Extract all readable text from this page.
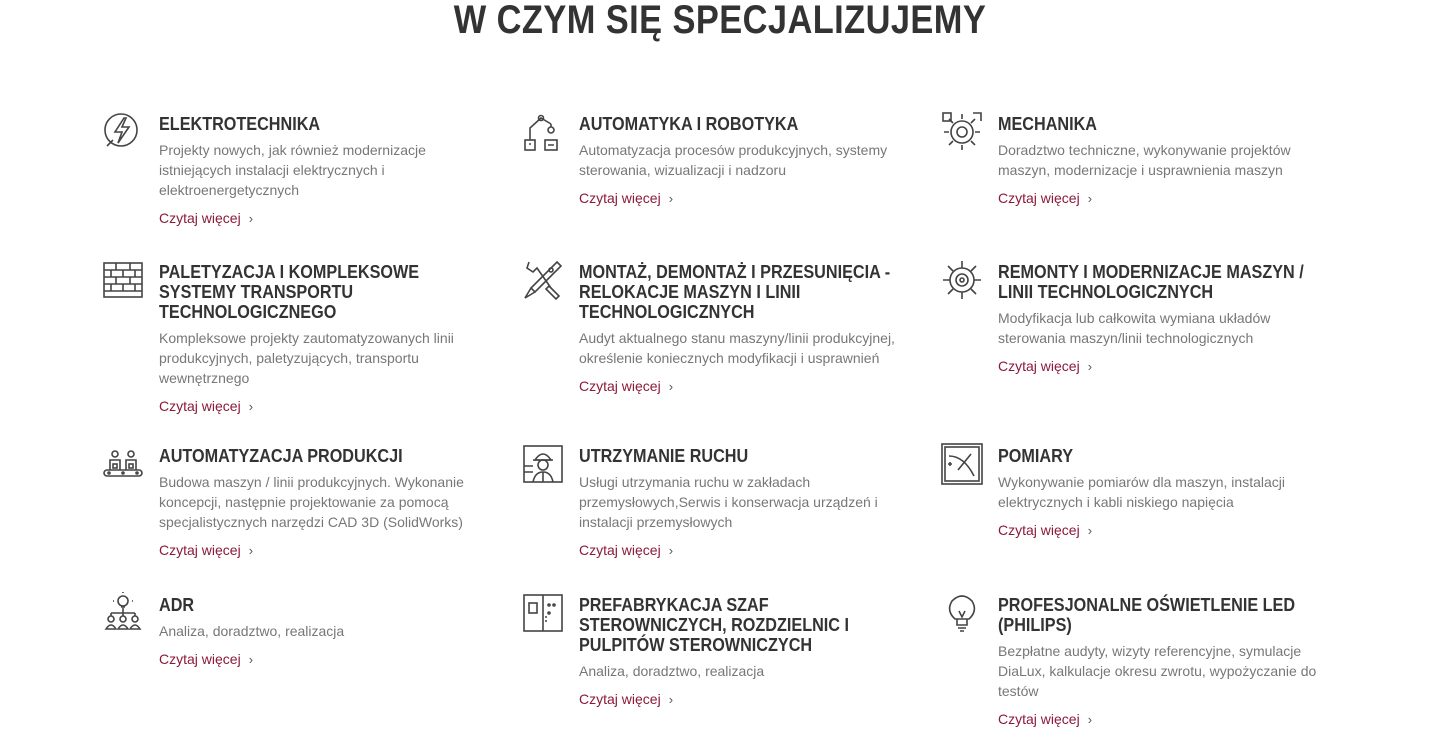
W CZYM SIĘ SPECJALIZUJEMY
ELEKTROTECHNIKA

Projekty nowych, jak również modernizacje istniejących instalacji elektrycznych i elektroenergetycznych

Czytaj więcej ›
AUTOMATYKA I ROBOTYKA

Automatyzacja procesów produkcyjnych, systemy sterowania, wizualizacji i nadzoru

Czytaj więcej ›
MECHANIKA

Doradztwo techniczne, wykonywanie projektów maszyn, modernizacje i usprawnienia maszyn

Czytaj więcej ›
PALETYZACJA I KOMPLEKSOWE SYSTEMY TRANSPORTU TECHNOLOGICZNEGO

Kompleksowe projekty zautomatyzowanych linii produkcyjnych, paletyzujących, transportu wewnętrznego

Czytaj więcej ›
MONTAŻ, DEMONTAŻ I PRZESUNIĘCIA - RELOKACJE MASZYN I LINII TECHNOLOGICZNYCH

Audyt aktualnego stanu maszyny/linii produkcyjnej, określenie koniecznych modyfikacji i usprawnień

Czytaj więcej ›
REMONTY I MODERNIZACJE MASZYN / LINII TECHNOLOGICZNYCH

Modyfikacja lub całkowita wymiana układów sterowania maszyn/linii technologicznych

Czytaj więcej ›
AUTOMATYZACJA PRODUKCJI

Budowa maszyn / linii produkcyjnych. Wykonanie koncepcji, następnie projektowanie za pomocą specjalistycznych narzędzi CAD 3D (SolidWorks)

Czytaj więcej ›
UTRZYMANIE RUCHU

Usługi utrzymania ruchu w zakładach przemysłowych,Serwis i konserwacja urządzeń i instalacji przemysłowych

Czytaj więcej ›
POMIARY

Wykonywanie pomiarów dla maszyn, instalacji elektrycznych i kabli niskiego napięcia

Czytaj więcej ›
ADR

Analiza, doradztwo, realizacja

Czytaj więcej ›
PREFABRYKACJA SZAF STEROWNICZYCH, ROZDZIELNIC I PULPITÓW STEROWNICZYCH

Analiza, doradztwo, realizacja

Czytaj więcej ›
PROFESJONALNE OŚWIETLENIE LED (PHILIPS)

Bezpłatne audyty, wizyty referencyjne, symulacje DiaLux, kalkulacje okresu zwrotu, wypożyczanie do testów

Czytaj więcej ›
